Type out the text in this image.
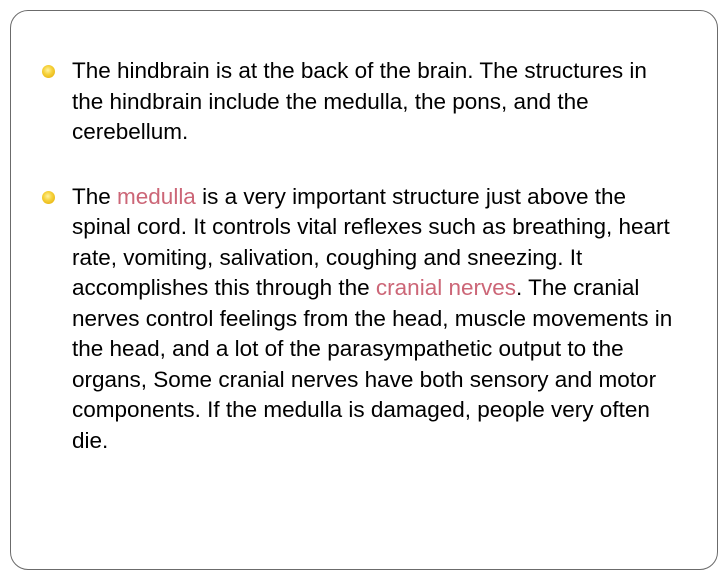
The hindbrain is at the back of the brain. The structures in the hindbrain include the medulla, the pons, and the cerebellum.

The medulla is a very important structure just above the spinal cord. It controls vital reflexes such as breathing, heart rate, vomiting, salivation, coughing and sneezing. It accomplishes this through the cranial nerves. The cranial nerves control feelings from the head, muscle movements in the head, and a lot of the parasympathetic output to the organs, Some cranial nerves have both sensory and motor components. If the medulla is damaged, people very often die.
